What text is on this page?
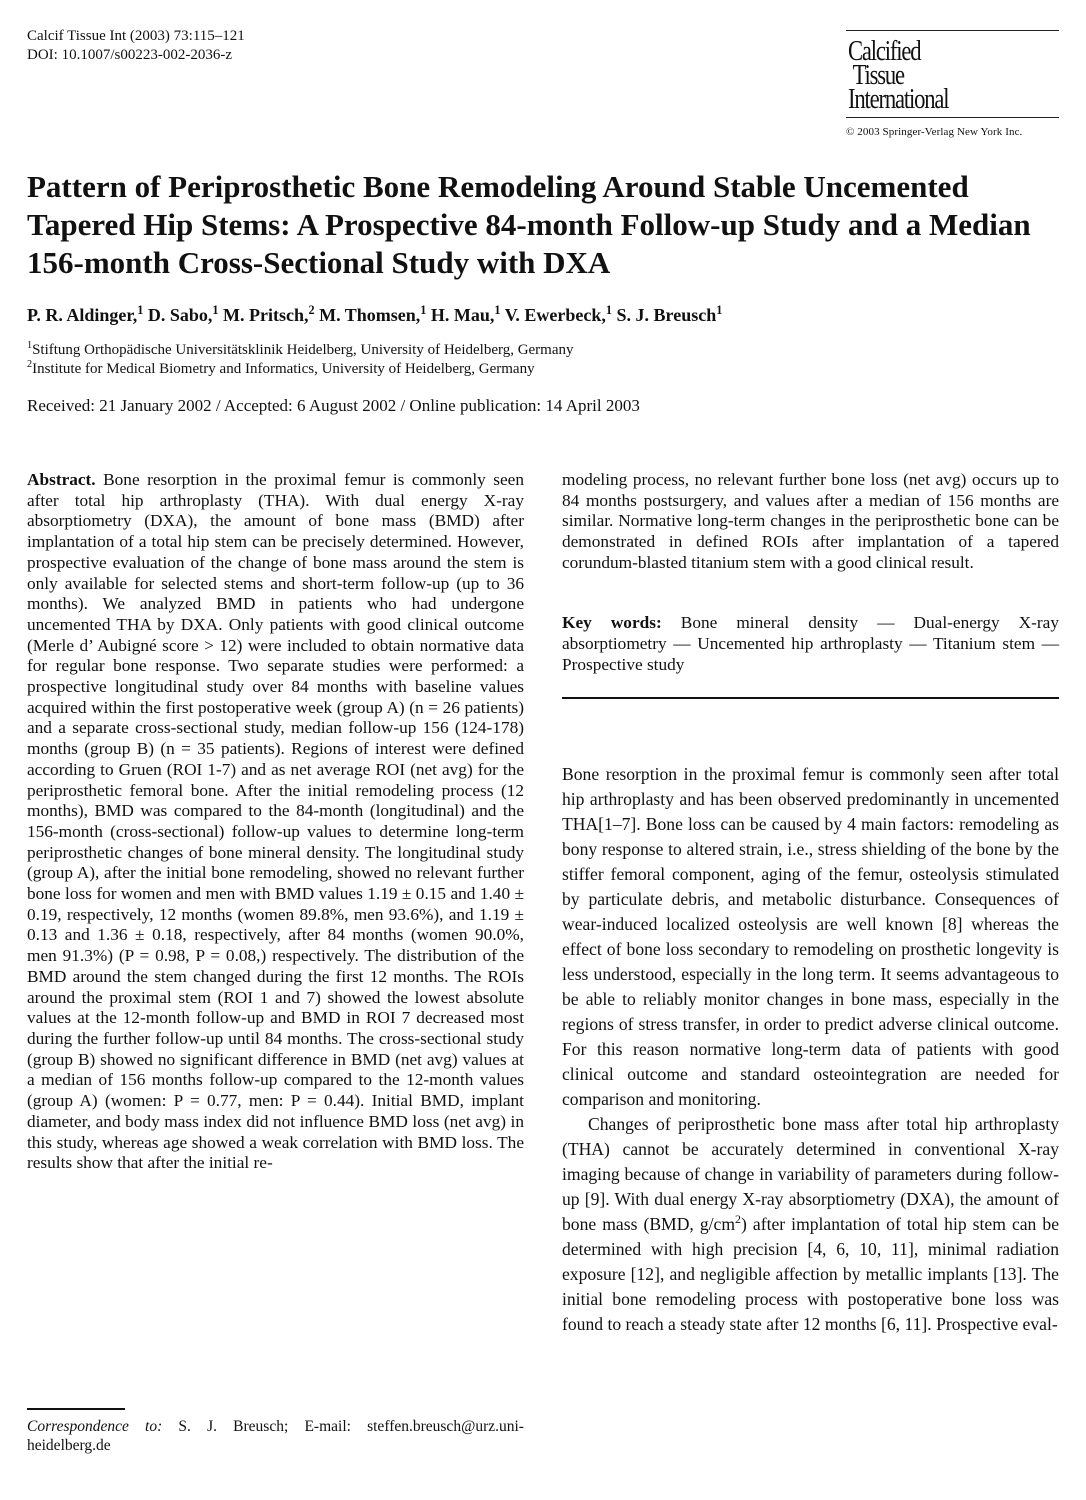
Calcif Tissue Int (2003) 73:115–121
DOI: 10.1007/s00223-002-2036-z	Calcified
Tissue
International
© 2003 Springer-Verlag New York Inc.
Pattern of Periprosthetic Bone Remodeling Around Stable Uncemented Tapered Hip Stems: A Prospective 84-month Follow-up Study and a Median 156-month Cross-Sectional Study with DXA
P. R. Aldinger,$^1$ D. Sabo,$^1$ M. Pritsch,$^2$ M. Thomsen,$^1$ H. Mau,$^1$ V. Ewerbeck,$^1$ S. J. Breusch$^1$
$^1$Stiftung Orthopädische Universitätsklinik Heidelberg, University of Heidelberg, Germany
$^2$Institute for Medical Biometry and Informatics, University of Heidelberg, Germany
Received: 21 January 2002 / Accepted: 6 August 2002 / Online publication: 14 April 2003

Abstract. Bone resorption in the proximal femur is commonly seen after total hip arthroplasty (THA). With dual energy X-ray absorptiometry (DXA), the amount of bone mass (BMD) after implantation of a total hip stem can be precisely determined. However, prospective evaluation of the change of bone mass around the stem is only available for selected stems and short-term follow-up (up to 36 months). We analyzed BMD in patients who had undergone uncemented THA by DXA. Only patients with good clinical outcome (Merle d’ Aubigné score > 12) were included to obtain normative data for regular bone response. Two separate studies were performed: a prospective longitudinal study over 84 months with baseline values acquired within the first postoperative week (group A) (n = 26 patients) and a separate cross-sectional study, median follow-up 156 (124-178) months (group B) (n = 35 patients). Regions of interest were defined according to Gruen (ROI 1-7) and as net average ROI (net avg) for the periprosthetic femoral bone. After the initial remodeling process (12 months), BMD was compared to the 84-month (longitudinal) and the 156-month (cross-sectional) follow-up values to determine long-term periprosthetic changes of bone mineral density. The longitudinal study (group A), after the initial bone remodeling, showed no relevant further bone loss for women and men with BMD values 1.19 ± 0.15 and 1.40 ± 0.19, respectively, 12 months (women 89.8%, men 93.6%), and 1.19 ± 0.13 and 1.36 ± 0.18, respectively, after 84 months (women 90.0%, men 91.3%) (P = 0.98, P = 0.08,) respectively. The distribution of the BMD around the stem changed during the first 12 months. The ROIs around the proximal stem (ROI 1 and 7) showed the lowest absolute values at the 12-month follow-up and BMD in ROI 7 decreased most during the further follow-up until 84 months. The cross-sectional study (group B) showed no significant difference in BMD (net avg) values at a median of 156 months follow-up compared to the 12-month values (group A) (women: P = 0.77, men: P = 0.44). Initial BMD, implant diameter, and body mass index did not influence BMD loss (net avg) in this study, whereas age showed a weak correlation with BMD loss. The results show that after the initial re-

modeling process, no relevant further bone loss (net avg) occurs up to 84 months postsurgery, and values after a median of 156 months are similar. Normative long-term changes in the periprosthetic bone can be demonstrated in defined ROIs after implantation of a tapered corundum-blasted titanium stem with a good clinical result.

Key words: Bone mineral density — Dual-energy X-ray absorptiometry — Uncemented hip arthroplasty — Titanium stem — Prospective study

Bone resorption in the proximal femur is commonly seen after total hip arthroplasty and has been observed predominantly in uncemented THA[1–7]. Bone loss can be caused by 4 main factors: remodeling as bony response to altered strain, i.e., stress shielding of the bone by the stiffer femoral component, aging of the femur, osteolysis stimulated by particulate debris, and metabolic disturbance. Consequences of wear-induced localized osteolysis are well known [8] whereas the effect of bone loss secondary to remodeling on prosthetic longevity is less understood, especially in the long term. It seems advantageous to be able to reliably monitor changes in bone mass, especially in the regions of stress transfer, in order to predict adverse clinical outcome. For this reason normative long-term data of patients with good clinical outcome and standard osteointegration are needed for comparison and monitoring.

Changes of periprosthetic bone mass after total hip arthroplasty (THA) cannot be accurately determined in conventional X-ray imaging because of change in variability of parameters during follow-up [9]. With dual energy X-ray absorptiometry (DXA), the amount of bone mass (BMD, $g/cm^2$) after implantation of total hip stem can be determined with high precision [4, 6, 10, 11], minimal radiation exposure [12], and negligible affection by metallic implants [13]. The initial bone remodeling process with postoperative bone loss was found to reach a steady state after 12 months [6, 11]. Prospective eval-

Correspondence to: S. J. Breusch; E-mail: steffen.breusch@urz.uni-heidelberg.de
